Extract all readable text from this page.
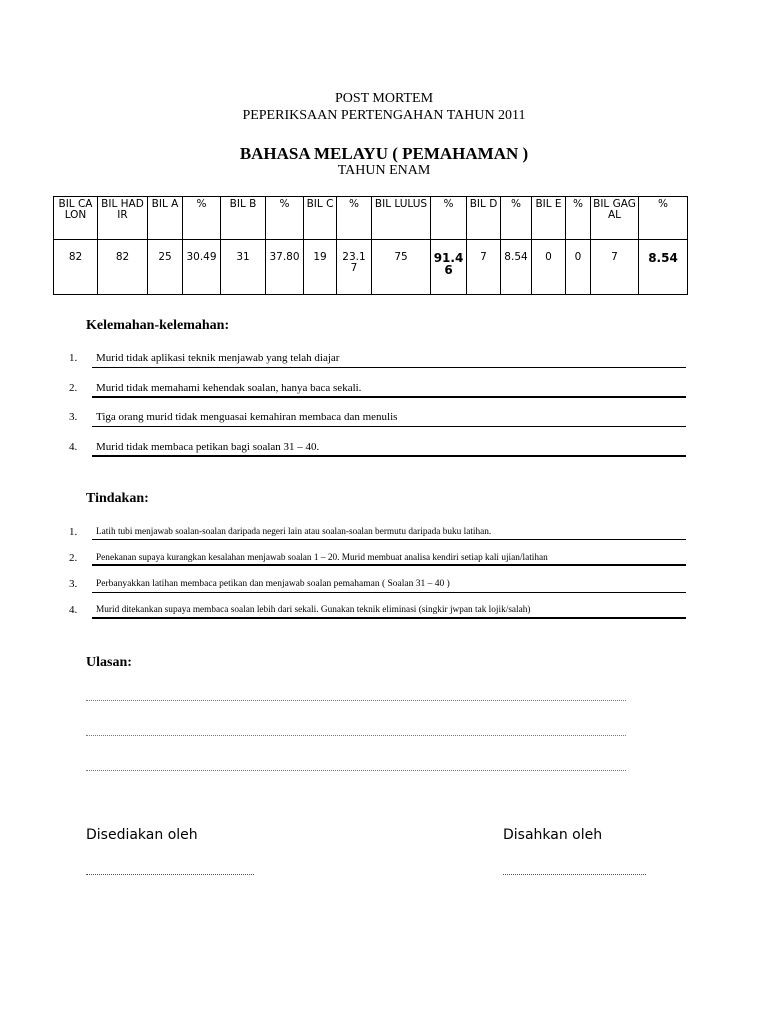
POST MORTEM
PEPERIKSAAN PERTENGAHAN TAHUN 2011
BAHASA MELAYU ( PEMAHAMAN )
TAHUN ENAM
BIL CALON	BIL HADIR	BIL A	%	BIL B	%	BIL C	%	BIL LULUS	%	BIL D	%	BIL E	%	BIL GAGAL	%
82	82	25	30.49	31	37.80	19	23.17	75	91.46	7	8.54	0	0	7	8.54
Kelemahan-kelemahan:
1. Murid tidak aplikasi teknik menjawab yang telah diajar
2. Murid tidak memahami kehendak soalan, hanya baca sekali.
3. Tiga orang murid tidak menguasai kemahiran membaca dan menulis
4. Murid tidak membaca petikan bagi soalan 31 – 40.
Tindakan:
1. Latih tubi menjawab soalan-soalan daripada negeri lain atau soalan-soalan bermutu daripada buku latihan.
2. Penekanan supaya kurangkan kesalahan menjawab soalan 1 – 20. Murid membuat analisa kendiri setiap kali ujian/latihan
3. Perbanyakkan latihan membaca petikan dan menjawab soalan pemahaman ( Soalan 31 – 40 )
4. Murid ditekankan supaya membaca soalan lebih dari sekali. Gunakan teknik eliminasi (singkir jwpan tak lojik/salah)
Ulasan:
Disediakan oleh	Disahkan oleh
